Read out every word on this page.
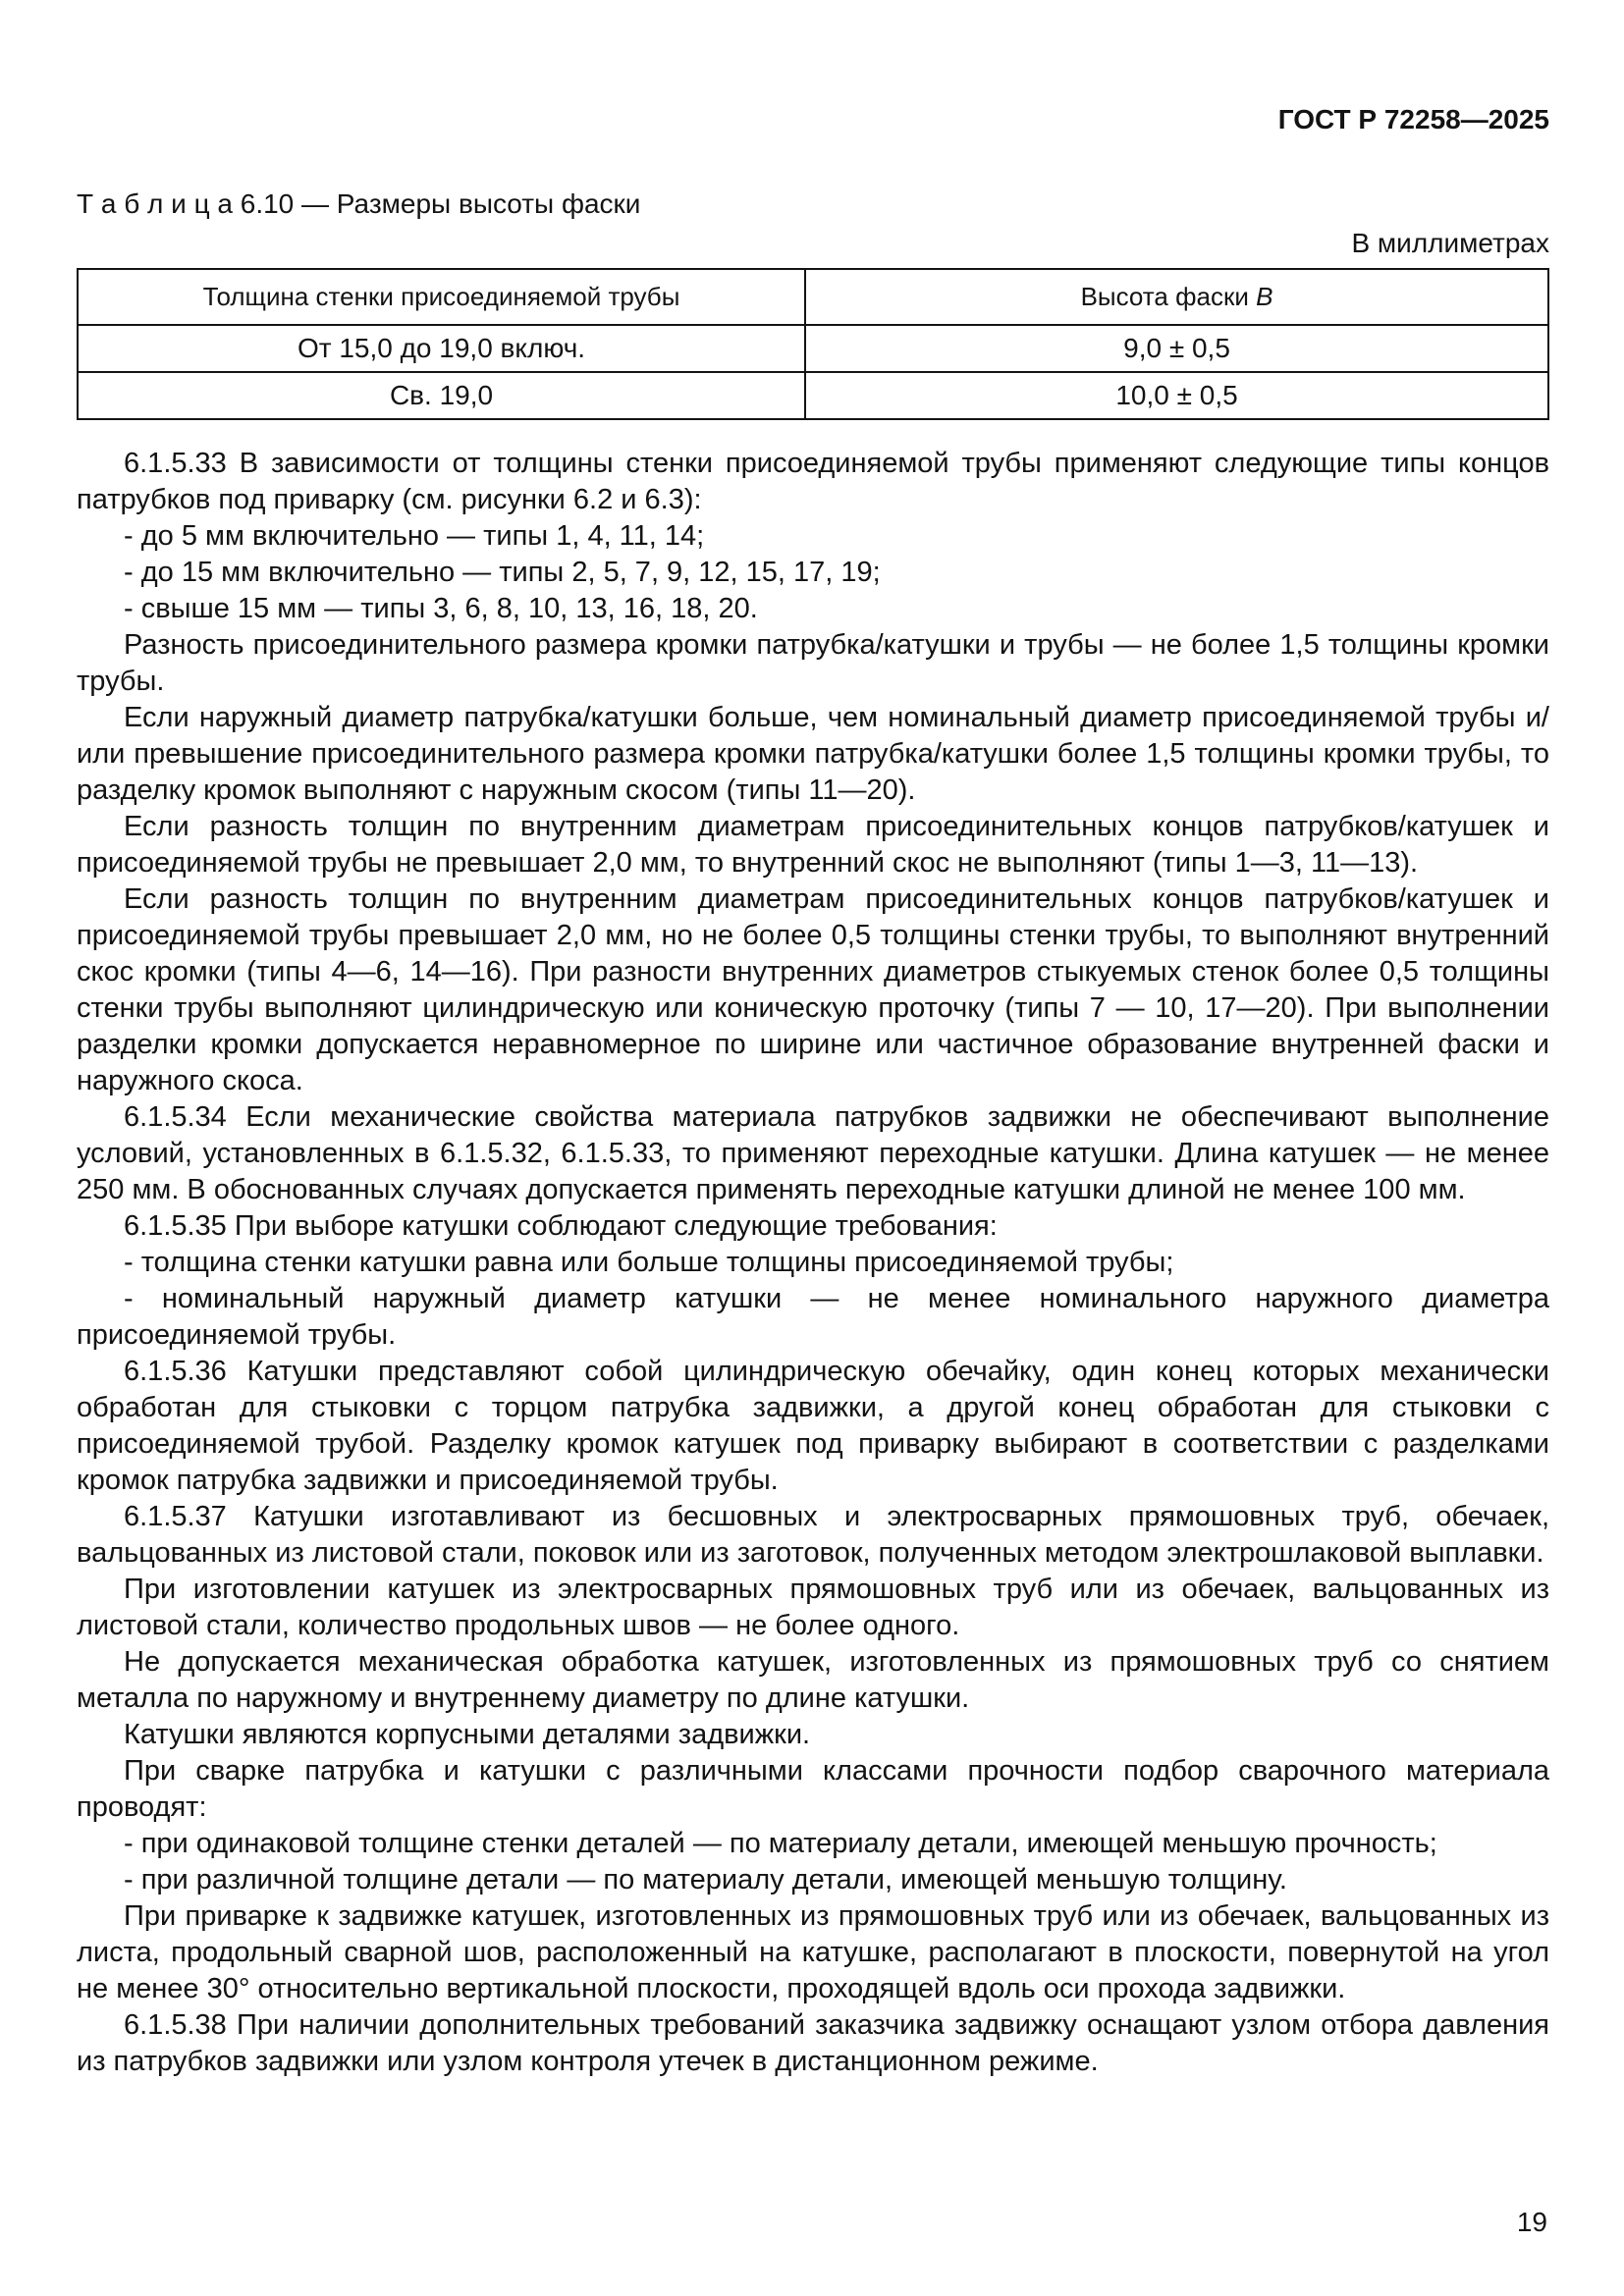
ГОСТ Р 72258—2025
Т а б л и ц а 6.10 — Размеры высоты фаски
В миллиметрах
Толщина стенки присоединяемой трубы	Высота фаски B
От 15,0 до 19,0 включ.	9,0 ± 0,5
Св. 19,0	10,0 ± 0,5

6.1.5.33 В зависимости от толщины стенки присоединяемой трубы применяют следующие типы концов патрубков под приварку (см. рисунки 6.2 и 6.3):

- до 5 мм включительно — типы 1, 4, 11, 14;

- до 15 мм включительно — типы 2, 5, 7, 9, 12, 15, 17, 19;

- свыше 15 мм — типы 3, 6, 8, 10, 13, 16, 18, 20.

Разность присоединительного размера кромки патрубка/катушки и трубы — не более 1,5 толщины кромки трубы.

Если наружный диаметр патрубка/катушки больше, чем номинальный диаметр присоединяемой трубы и/или превышение присоединительного размера кромки патрубка/катушки более 1,5 толщины кромки трубы, то разделку кромок выполняют с наружным скосом (типы 11—20).

Если разность толщин по внутренним диаметрам присоединительных концов патрубков/катушек и присоединяемой трубы не превышает 2,0 мм, то внутренний скос не выполняют (типы 1—3, 11—13).

Если разность толщин по внутренним диаметрам присоединительных концов патрубков/катушек и присоединяемой трубы превышает 2,0 мм, но не более 0,5 толщины стенки трубы, то выполняют внутренний скос кромки (типы 4—6, 14—16). При разности внутренних диаметров стыкуемых стенок более 0,5 толщины стенки трубы выполняют цилиндрическую или коническую проточку (типы 7 — 10, 17—20). При выполнении разделки кромки допускается неравномерное по ширине или частичное образование внутренней фаски и наружного скоса.

6.1.5.34 Если механические свойства материала патрубков задвижки не обеспечивают выполнение условий, установленных в 6.1.5.32, 6.1.5.33, то применяют переходные катушки. Длина катушек — не менее 250 мм. В обоснованных случаях допускается применять переходные катушки длиной не менее 100 мм.

6.1.5.35 При выборе катушки соблюдают следующие требования:

- толщина стенки катушки равна или больше толщины присоединяемой трубы;

- номинальный наружный диаметр катушки — не менее номинального наружного диаметра присоединяемой трубы.

6.1.5.36 Катушки представляют собой цилиндрическую обечайку, один конец которых механически обработан для стыковки с торцом патрубка задвижки, а другой конец обработан для стыковки с присоединяемой трубой. Разделку кромок катушек под приварку выбирают в соответствии с разделками кромок патрубка задвижки и присоединяемой трубы.

6.1.5.37 Катушки изготавливают из бесшовных и электросварных прямошовных труб, обечаек, вальцованных из листовой стали, поковок или из заготовок, полученных методом электрошлаковой выплавки.

При изготовлении катушек из электросварных прямошовных труб или из обечаек, вальцованных из листовой стали, количество продольных швов — не более одного.

Не допускается механическая обработка катушек, изготовленных из прямошовных труб со снятием металла по наружному и внутреннему диаметру по длине катушки.

Катушки являются корпусными деталями задвижки.

При сварке патрубка и катушки с различными классами прочности подбор сварочного материала проводят:

- при одинаковой толщине стенки деталей — по материалу детали, имеющей меньшую прочность;

- при различной толщине детали — по материалу детали, имеющей меньшую толщину.

При приварке к задвижке катушек, изготовленных из прямошовных труб или из обечаек, вальцованных из листа, продольный сварной шов, расположенный на катушке, располагают в плоскости, повернутой на угол не менее 30° относительно вертикальной плоскости, проходящей вдоль оси прохода задвижки.

6.1.5.38 При наличии дополнительных требований заказчика задвижку оснащают узлом отбора давления из патрубков задвижки или узлом контроля утечек в дистанционном режиме.

19
